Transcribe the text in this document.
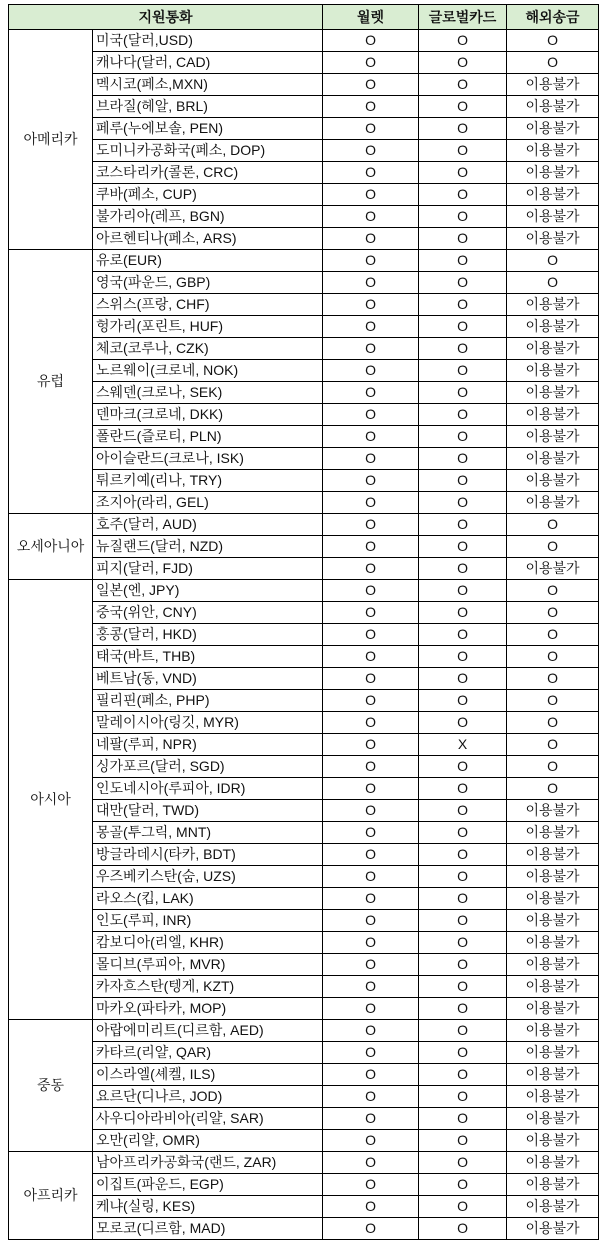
지원통화		월렛	글로벌카드	해외송금
아메리카	미국(달러,USD)	O	O	O
	캐나다(달러, CAD)	O	O	O
	멕시코(페소,MXN)	O	O	이용불가
	브라질(헤알, BRL)	O	O	이용불가
	페루(누에보솔, PEN)	O	O	이용불가
	도미니카공화국(페소, DOP)	O	O	이용불가
	코스타리카(콜론, CRC)	O	O	이용불가
	쿠바(페소, CUP)	O	O	이용불가
	불가리아(레프, BGN)	O	O	이용불가
	아르헨티나(페소, ARS)	O	O	이용불가
유럽	유로(EUR)	O	O	O
	영국(파운드, GBP)	O	O	O
	스위스(프랑, CHF)	O	O	이용불가
	헝가리(포린트, HUF)	O	O	이용불가
	체코(코루나, CZK)	O	O	이용불가
	노르웨이(크로네, NOK)	O	O	이용불가
	스웨덴(크로나, SEK)	O	O	이용불가
	덴마크(크로네, DKK)	O	O	이용불가
	폴란드(즐로티, PLN)	O	O	이용불가
	아이슬란드(크로나, ISK)	O	O	이용불가
	튀르키예(리나, TRY)	O	O	이용불가
	조지아(라리, GEL)	O	O	이용불가
오세아니아	호주(달러, AUD)	O	O	O
	뉴질랜드(달러, NZD)	O	O	O
	피지(달러, FJD)	O	O	이용불가
아시아	일본(엔, JPY)	O	O	O
	중국(위안, CNY)	O	O	O
	홍콩(달러, HKD)	O	O	O
	태국(바트, THB)	O	O	O
	베트남(동, VND)	O	O	O
	필리핀(페소, PHP)	O	O	O
	말레이시아(링깃, MYR)	O	O	O
	네팔(루피, NPR)	O	X	O
	싱가포르(달러, SGD)	O	O	O
	인도네시아(루피아, IDR)	O	O	O
	대만(달러, TWD)	O	O	이용불가
	몽골(투그릭, MNT)	O	O	이용불가
	방글라데시(타카, BDT)	O	O	이용불가
	우즈베키스탄(숨, UZS)	O	O	이용불가
	라오스(킵, LAK)	O	O	이용불가
	인도(루피, INR)	O	O	이용불가
	캄보디아(리엘, KHR)	O	O	이용불가
	몰디브(루피아, MVR)	O	O	이용불가
	카자흐스탄(텡게, KZT)	O	O	이용불가
	마카오(파타카, MOP)	O	O	이용불가
중동	아랍에미리트(디르함, AED)	O	O	이용불가
	카타르(리얄, QAR)	O	O	이용불가
	이스라엘(셰켈, ILS)	O	O	이용불가
	요르단(디나르, JOD)	O	O	이용불가
	사우디아라비아(리얄, SAR)	O	O	이용불가
	오만(리얄, OMR)	O	O	이용불가
아프리카	남아프리카공화국(랜드, ZAR)	O	O	이용불가
	이집트(파운드, EGP)	O	O	이용불가
	케냐(실링, KES)	O	O	이용불가
	모로코(디르함, MAD)	O	O	이용불가
